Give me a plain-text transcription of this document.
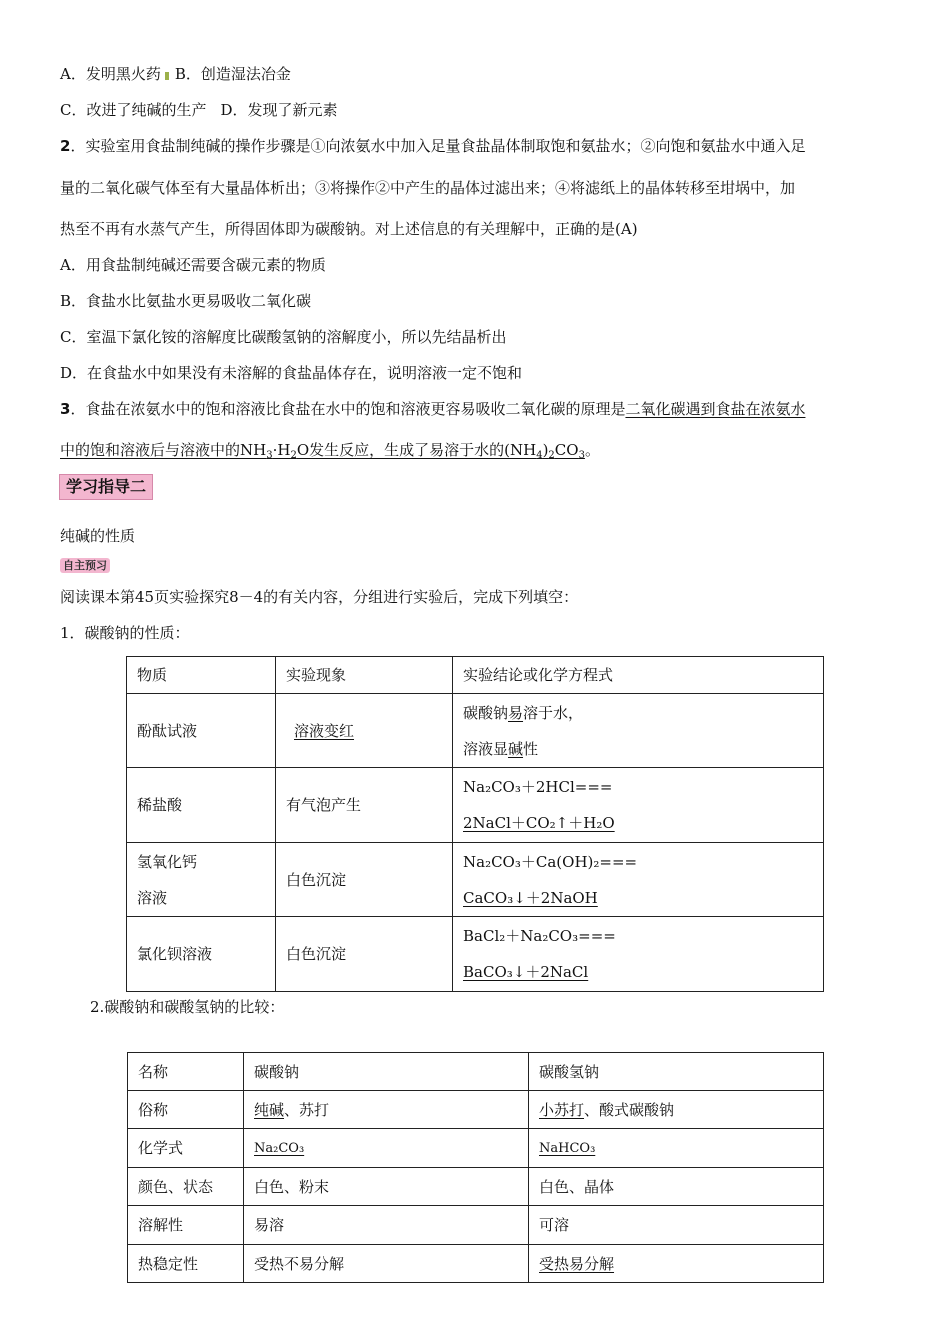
A．发明黑火药 B．创造湿法冶金
C．改进了纯碱的生产 D．发现了新元素
2．实验室用食盐制纯碱的操作步骤是①向浓氨水中加入足量食盐晶体制取饱和氨盐水；②向饱和氨盐水中通入足
量的二氧化碳气体至有大量晶体析出；③将操作②中产生的晶体过滤出来；④将滤纸上的晶体转移至坩埚中，加
热至不再有水蒸气产生，所得固体即为碳酸钠。对上述信息的有关理解中，正确的是(A)
A．用食盐制纯碱还需要含碳元素的物质
B．食盐水比氨盐水更易吸收二氧化碳
C．室温下氯化铵的溶解度比碳酸氢钠的溶解度小，所以先结晶析出
D．在食盐水中如果没有未溶解的食盐晶体存在，说明溶液一定不饱和
3．食盐在浓氨水中的饱和溶液比食盐在水中的饱和溶液更容易吸收二氧化碳的原理是二氧化碳遇到食盐在浓氨水
中的饱和溶液后与溶液中的$NH_3\cdot H_2O$发生反应，生成了易溶于水的$(NH_4)_2CO_3$。
学习指导二
纯碱的性质
自主预习
阅读课本第45页实验探究8－4的有关内容，分组进行实验后，完成下列填空：
1．碳酸钠的性质：
物质	实验现象	实验结论或化学方程式
酚酞试液	溶液变红	碳酸钠易溶于水，
溶液显碱性

稀盐酸	有气泡产生	Na₂CO₃＋2HCl===
2NaCl＋CO₂↑＋H₂O

氢氧化钙
溶液	白色沉淀	Na₂CO₃＋Ca(OH)₂===
CaCO₃↓＋2NaOH

氯化钡溶液	白色沉淀	BaCl₂＋Na₂CO₃===
BaCO₃↓＋2NaCl
2.碳酸钠和碳酸氢钠的比较：
名称	碳酸钠	碳酸氢钠
俗称	纯碱、苏打	小苏打、酸式碳酸钠
化学式	Na₂CO₃	NaHCO₃
颜色、状态	白色、粉末	白色、晶体
溶解性	易溶	可溶
热稳定性	受热不易分解	受热易分解
